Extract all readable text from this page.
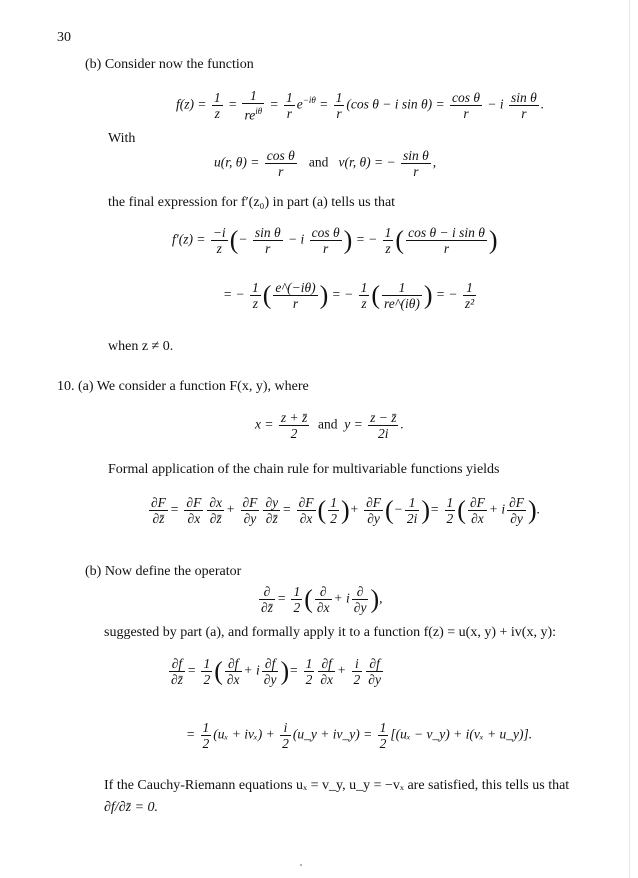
30
(b) Consider now the function
$f(z) = \frac{1}{z} = \frac{1}{re^{i\theta}} = \frac{1}{r} e^{-i\theta} = \frac{1}{r} (\cos$ θ − i $\sin \theta) = \frac{\text{cos θ}}{r} - i \frac{\text{sin θ}}{r}$ .
With
u(r, $\theta) = \frac{\text{cos θ}}{r}$ and v(r, θ) = − $\frac{\text{sin θ}}{r}$ ,
the final expression for f′(z₀) in part (a) tells us that
$f'(z) = \frac{-i}{z}$ (− $\frac{\text{sin θ}}{r} - i \frac{\text{cos θ}}{r}$ ) = − $\frac{1}{z}$ ( $\frac{\text{cos θ − i sin θ}}{r}$ )
= − $\frac{1}{z}$ ( $\frac{e\^{}(-i\theta)}{r}$ ) = − $\frac{1}{z}$ ( $\frac{1}{re\^{}(i\theta)}$ ) = − $\frac{1}{\text{z²}}$
when z ≠ 0.
10. (a) We consider a function F(x, y), where
$x = \frac{z + z̄}{2}$ and $y = \frac{z - z̄}{2i}$ .
Formal application of the chain rule for multivariable functions yields
$\frac{\partial F}{\partial z̄} = \frac{\partial F}{\partial x} \frac{\partial x}{\partial z̄} + \frac{\partial F}{\partial y} \frac{\partial y}{\partial z̄} = \frac{\partial F}{\partial x}$ ( $\frac{1}{2}$ )+ $\frac{\partial F}{\partial y}$ (− $\frac{1}{2i}$ )= $\frac{1}{2}$ ( $\frac{\partial F}{\partial x} + i \frac{\partial F}{\partial y}$ ).
(b) Now define the operator
$\frac{\partial}{\partial z̄} = \frac{1}{2}$ ( $\frac{\partial}{\partial x} + i \frac{\partial}{\partial y}$ ),
suggested by part (a), and formally apply it to a function f(z) = u(x, y) + iv(x, y):
$\frac{\partial f}{\partial z̄} = \frac{1}{2}$ ( $\frac{\partial f}{\partial x} + i \frac{\partial f}{\partial y}$ )= $\frac{1}{2} \frac{\partial f}{\partial x} + \frac{i}{2} \frac{\partial f}{\partial y}$
= $\frac{1}{2} (u_x + iv_x) + \frac{i}{2}$ (u_y + iv_y) = $\frac{1}{2} [(u_x$ − v_y) + i(vₓ + u_y)].
If the Cauchy-Riemann equations uₓ = v_y, u_y = −vₓ are satisfied, this tells us that
∂f/∂z̄ = 0.
